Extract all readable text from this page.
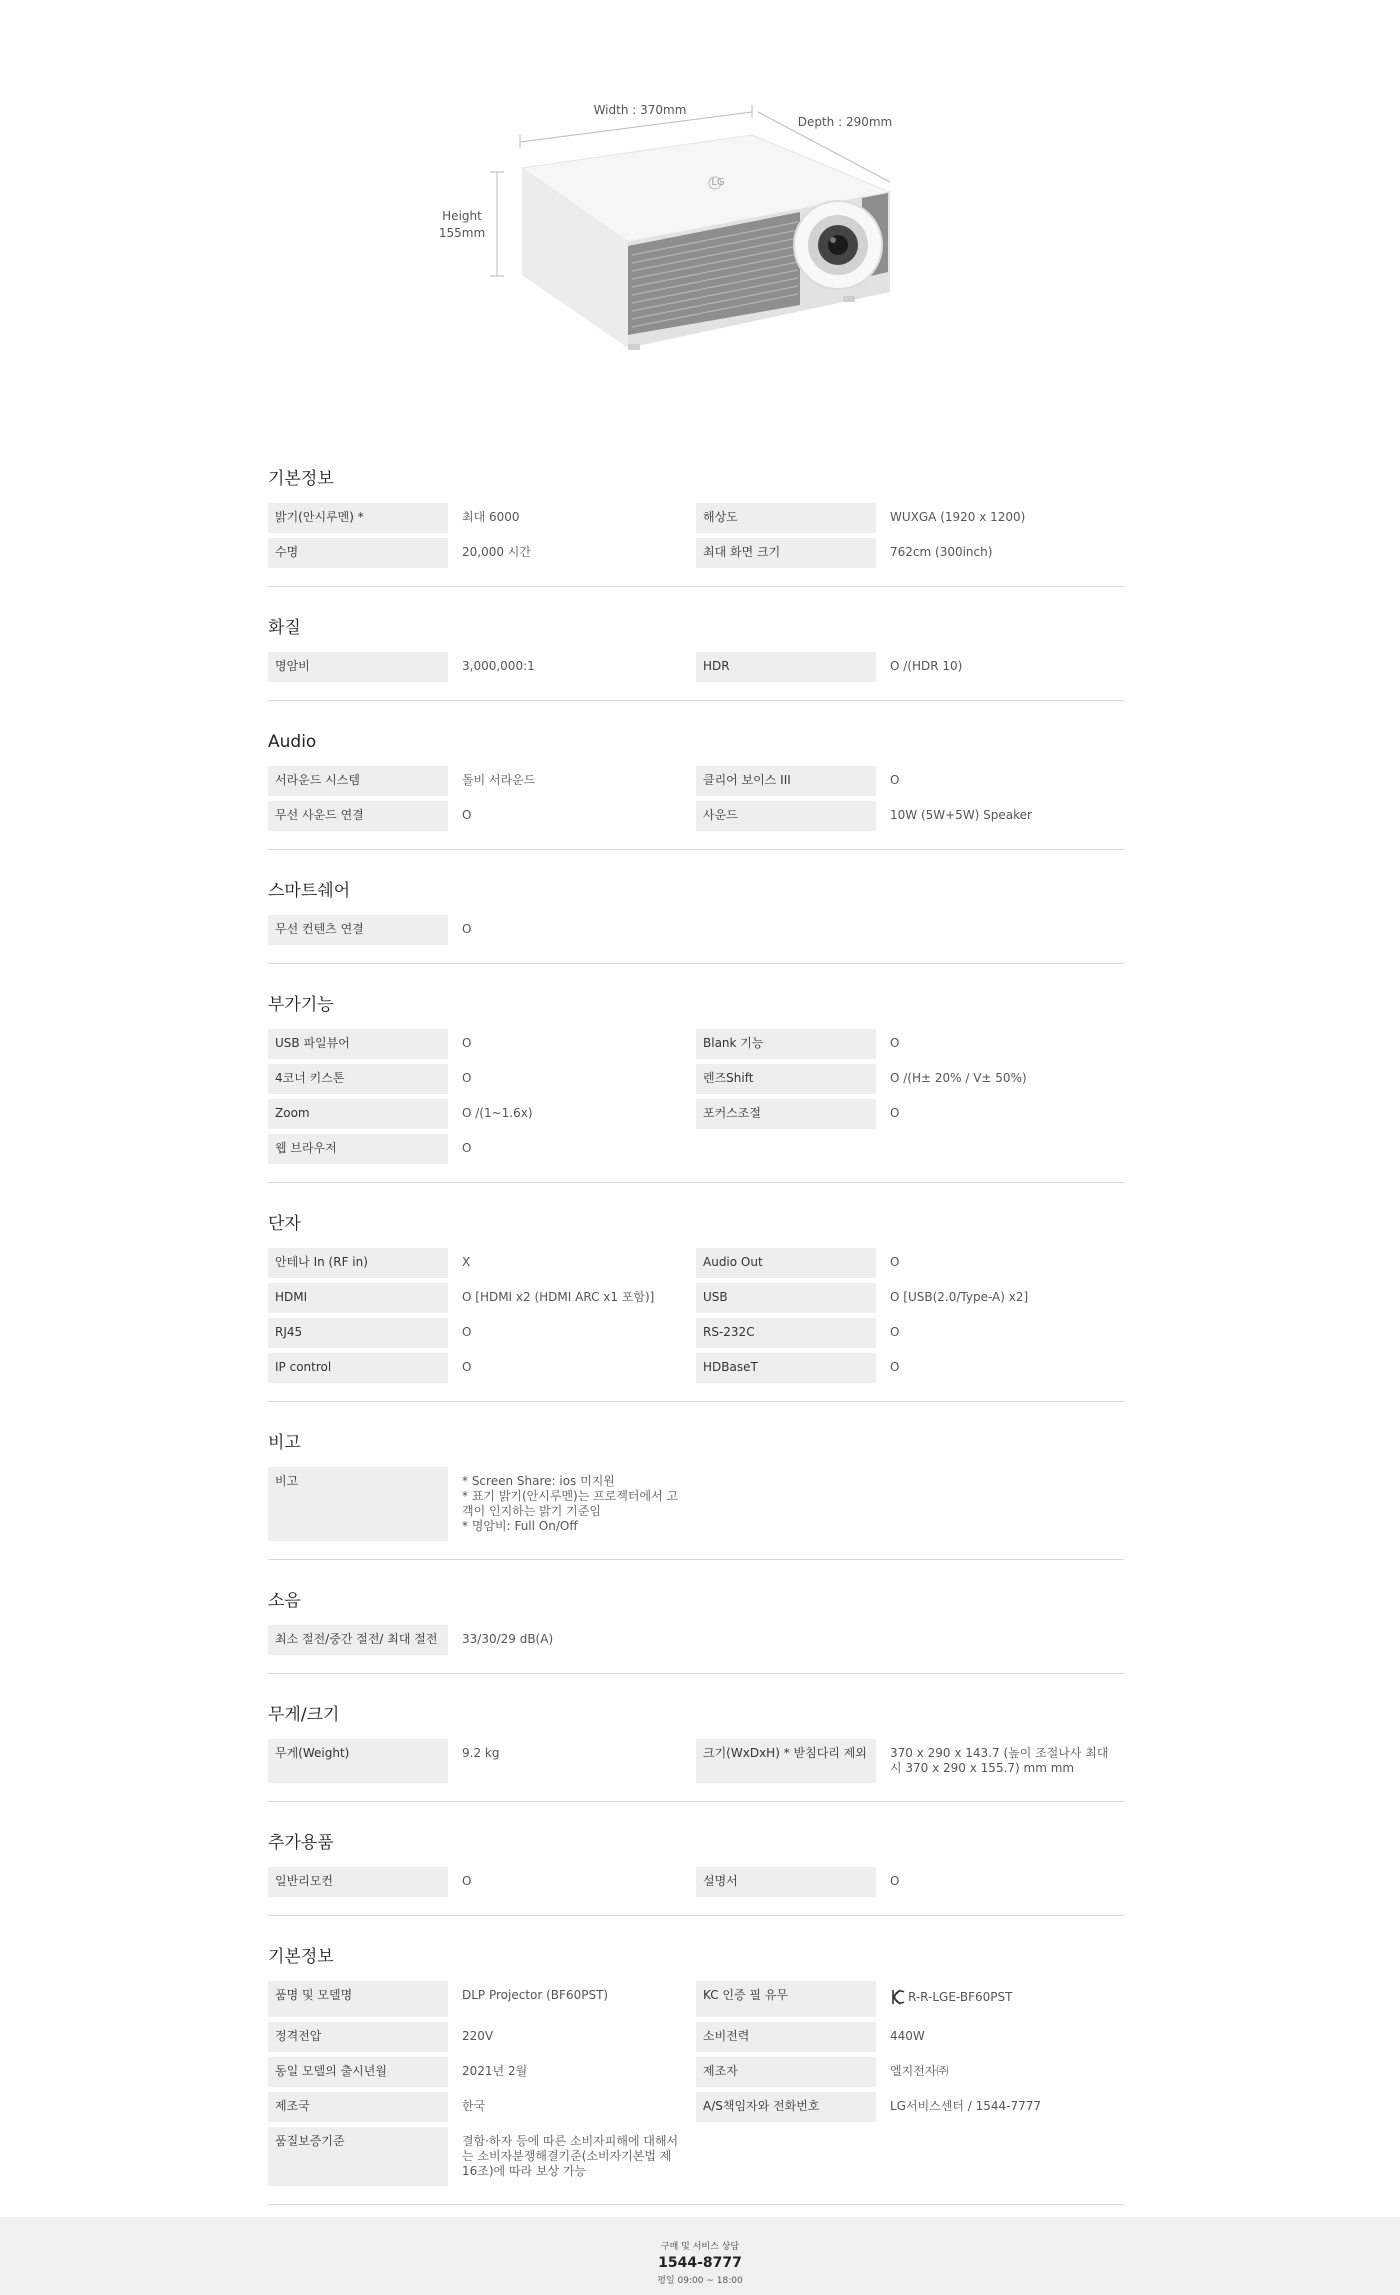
Width : 370mm
Depth : 290mm
Height
155mm
LG
기본정보
밝기(안시루멘) *	최대 6000	해상도	WUXGA (1920 x 1200)
수명	20,000 시간	최대 화면 크기	762cm (300inch)
화질
명암비	3,000,000:1	HDR	O /(HDR 10)
Audio
서라운드 시스템	돌비 서라운드	클리어 보이스 III	O
무선 사운드 연결	O	사운드	10W (5W+5W) Speaker
스마트쉐어
무선 컨텐츠 연결	O
부가기능
USB 파일뷰어	O	Blank 기능	O
4코너 키스톤	O	렌즈Shift	O /(H± 20% / V± 50%)
Zoom	O /(1~1.6x)	포커스조절	O
웹 브라우저	O
단자
안테나 In (RF in)	X	Audio Out	O
HDMI	O [HDMI x2 (HDMI ARC x1 포함)]	USB	O [USB(2.0/Type-A) x2]
RJ45	O	RS-232C	O
IP control	O	HDBaseT	O
비고
비고	* Screen Share: ios 미지원
* 표기 밝기(안시루멘)는 프로젝터에서 고객이 인지하는 밝기 기준임
* 명암비: Full On/Off
소음
최소 절전/중간 절전/ 최대 절전	33/30/29 dB(A)
무게/크기
무게(Weight)	9.2 kg	크기(WxDxH) * 받침다리 제외	370 x 290 x 143.7 (높이 조절나사 최대시 370 x 290 x 155.7) mm mm
추가용품
일반리모컨	O	설명서	O
기본정보
품명 및 모델명	DLP Projector (BF60PST)	KC 인증 필 유무	R-R-LGE-BF60PST
정격전압	220V	소비전력	440W
동일 모델의 출시년월	2021년 2월	제조자	엘지전자㈜
제조국	한국	A/S책임자와 전화번호	LG서비스센터 / 1544-7777
품질보증기준	결함·하자 등에 따른 소비자피해에 대해서는 소비자분쟁해결기준(소비자기본법 제16조)에 따라 보상 가능
구매 및 서비스 상담
1544-8777
평일 09:00 ~ 18:00
